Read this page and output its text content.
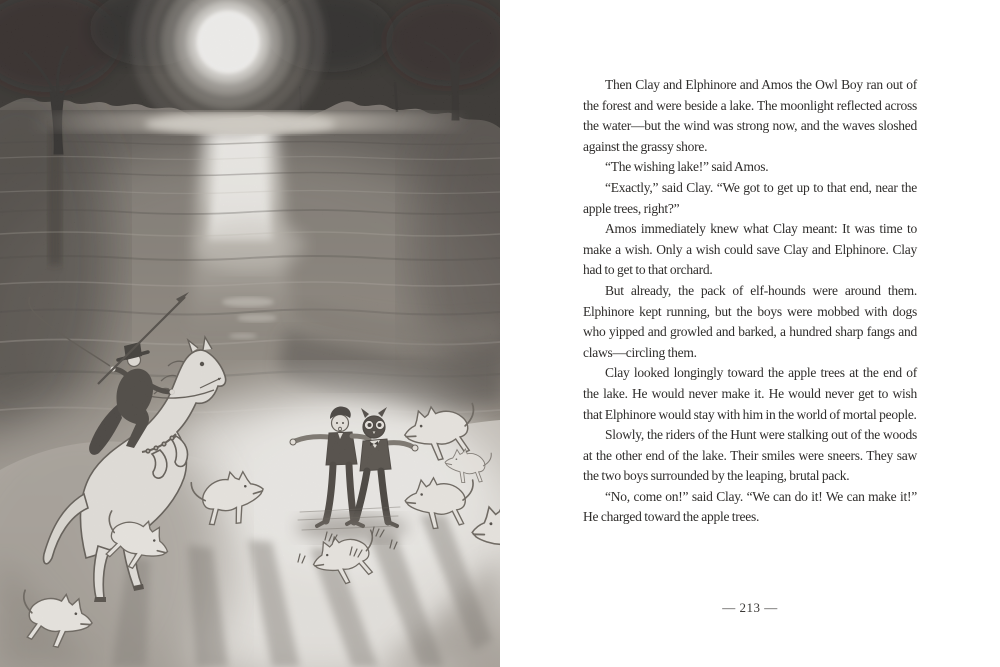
Then Clay and Elphinore and Amos the Owl Boy ran out of the forest and were beside a lake. The moonlight reflected across the water—but the wind was strong now, and the waves sloshed against the grassy shore.

“The wishing lake!” said Amos.

“Exactly,” said Clay. “We got to get up to that end, near the apple trees, right?”

Amos immediately knew what Clay meant: It was time to make a wish. Only a wish could save Clay and Elphinore. Clay had to get to that orchard.

But already, the pack of elf-hounds were around them. Elphinore kept running, but the boys were mobbed with dogs who yipped and growled and barked, a hundred sharp fangs and claws—circling them.

Clay looked longingly toward the apple trees at the end of the lake. He would never make it. He would never get to wish that Elphinore would stay with him in the world of mortal people.

Slowly, the riders of the Hunt were stalking out of the woods at the other end of the lake. Their smiles were sneers. They saw the two boys surrounded by the leaping, brutal pack.

“No, come on!” said Clay. “We can do it! We can make it!” He charged toward the apple trees.

— 213 —
